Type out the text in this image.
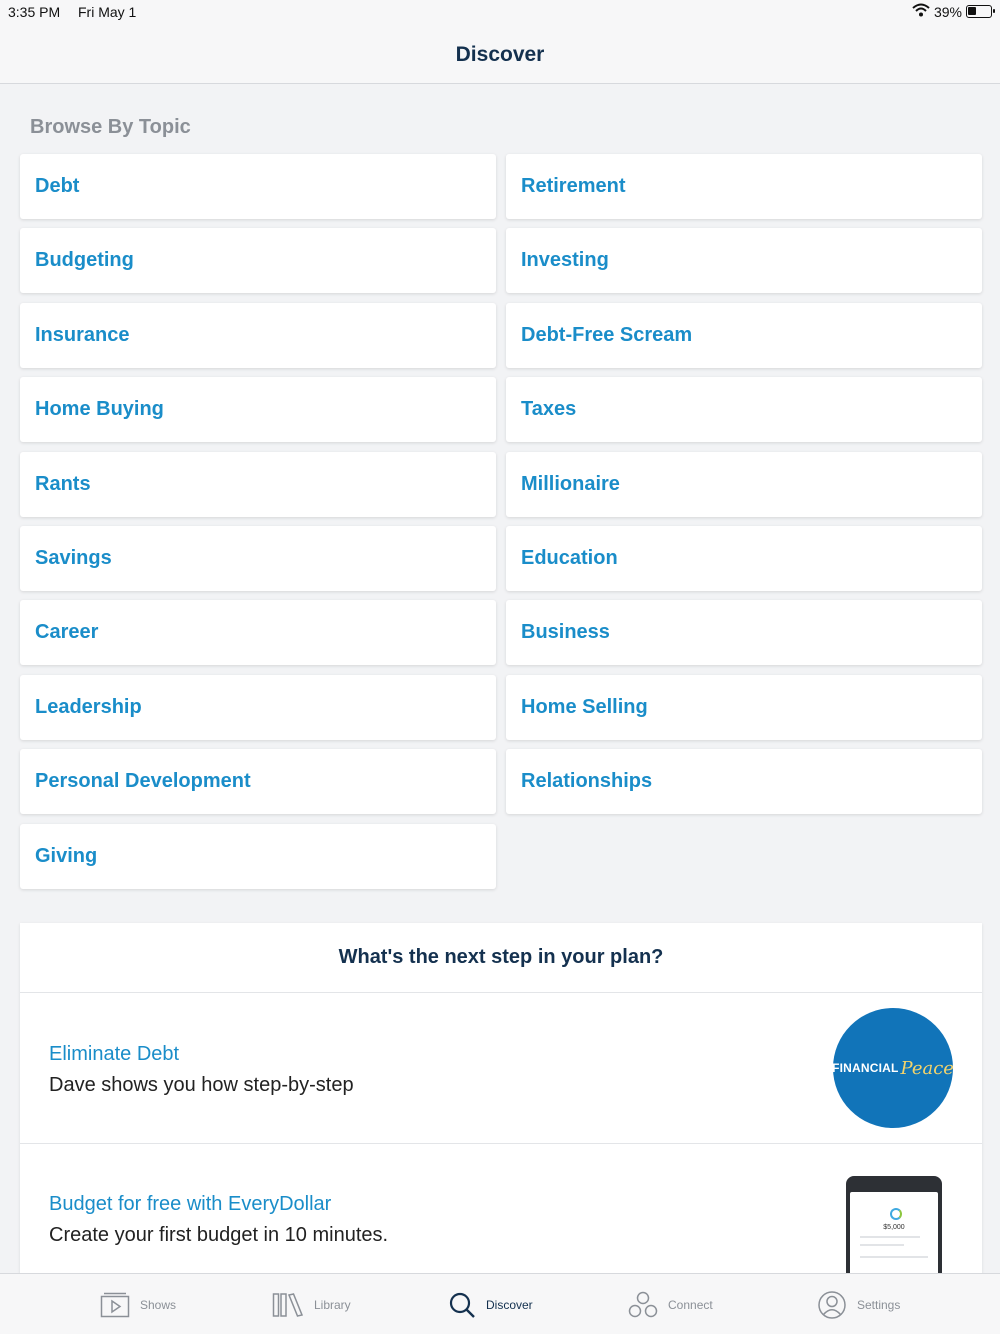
3:35 PM Fri May 1	39%
Discover
Browse By Topic
Debt	Retirement
Budgeting	Investing
Insurance	Debt-Free Scream
Home Buying	Taxes
Rants	Millionaire
Savings	Education
Career	Business
Leadership	Home Selling
Personal Development	Relationships
Giving
What's the next step in your plan?
Eliminate Debt
Dave shows you how step-by-step
FINANCIAL Peace
Budget for free with EveryDollar
Create your first budget in 10 minutes.	$5,000
Shows	Library	Discover	Connect	Settings
